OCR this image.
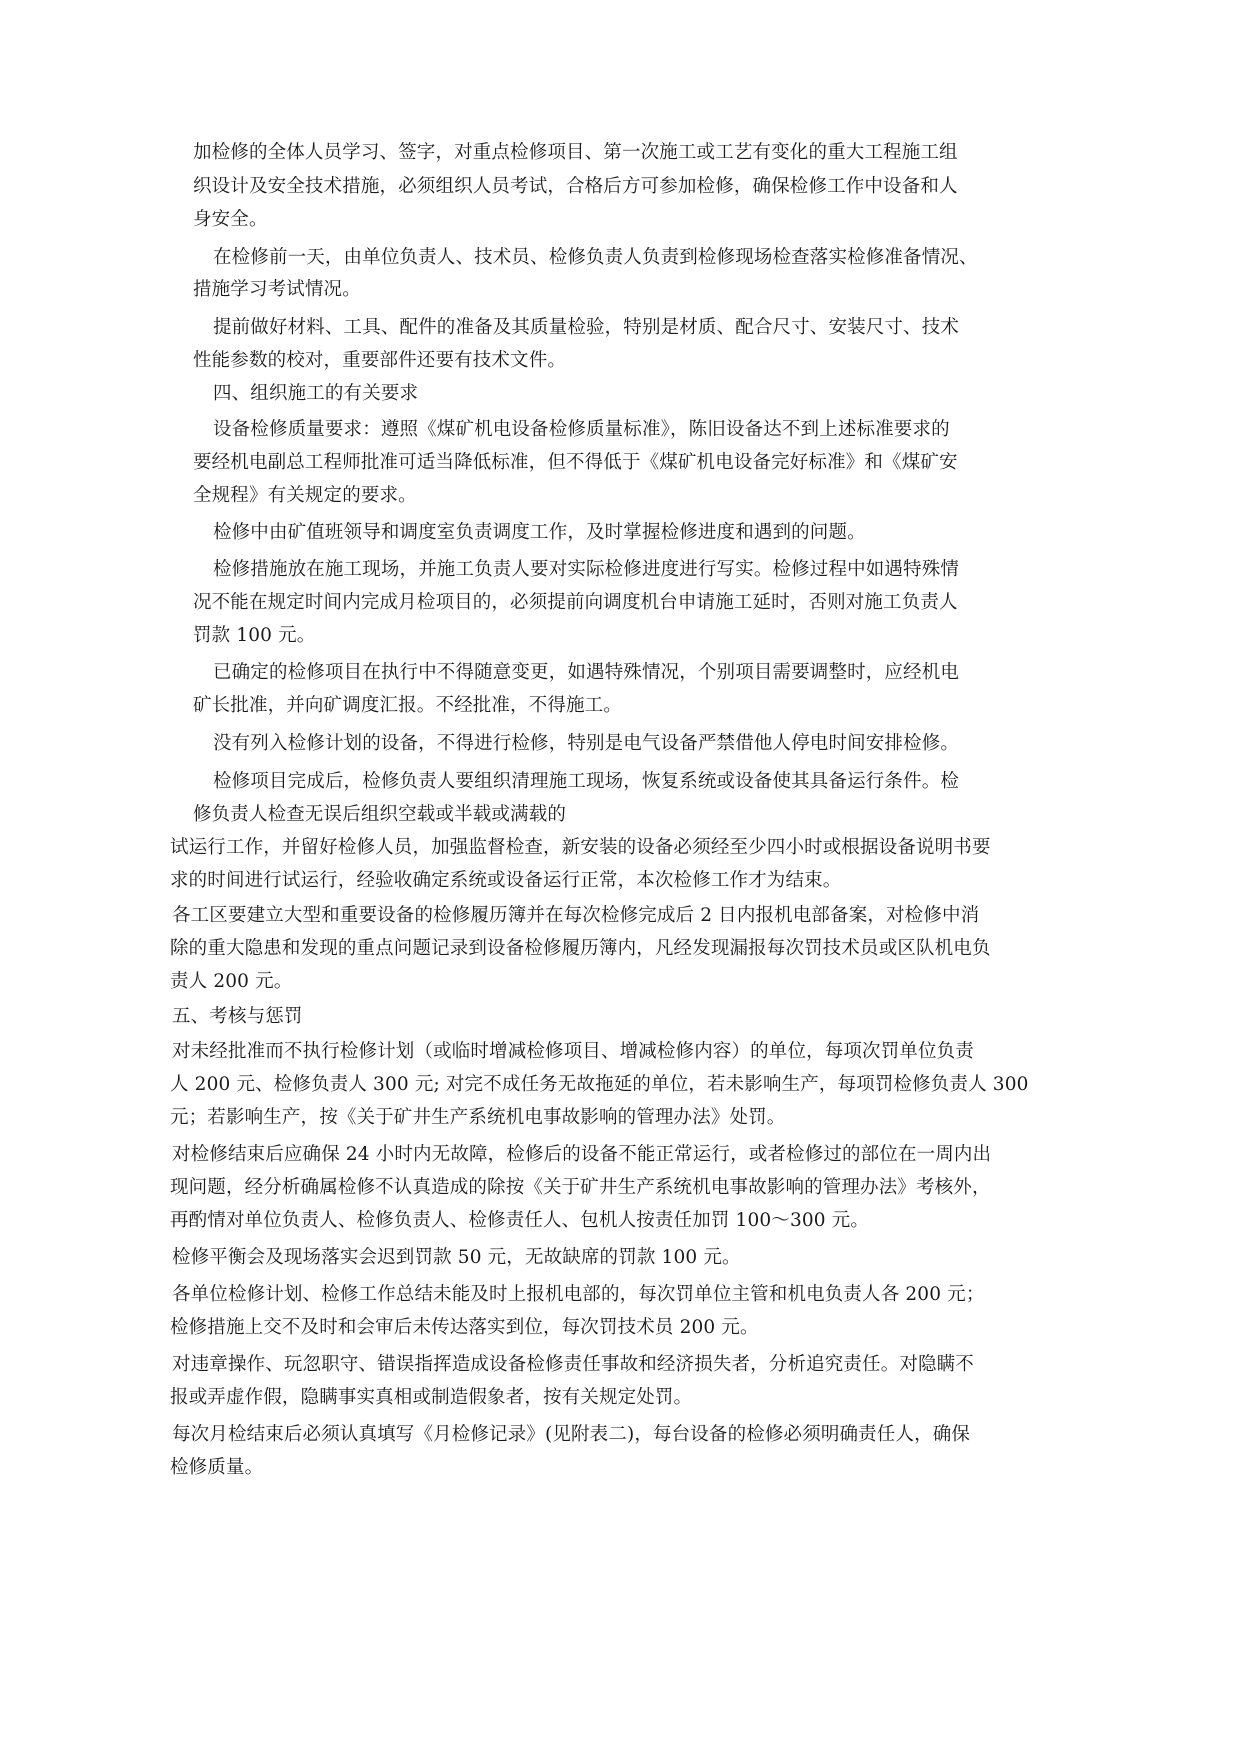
加检修的全体人员学习、签字，对重点检修项目、第一次施工或工艺有变化的重大工程施工组
织设计及安全技术措施，必须组织人员考试，合格后方可参加检修，确保检修工作中设备和人
身安全。
在检修前一天，由单位负责人、技术员、检修负责人负责到检修现场检查落实检修准备情况、
措施学习考试情况。
提前做好材料、工具、配件的准备及其质量检验，特别是材质、配合尺寸、安装尺寸、技术
性能参数的校对，重要部件还要有技术文件。
四、组织施工的有关要求
设备检修质量要求：遵照《煤矿机电设备检修质量标准》，陈旧设备达不到上述标准要求的
要经机电副总工程师批准可适当降低标准，但不得低于《煤矿机电设备完好标准》和《煤矿安
全规程》有关规定的要求。
检修中由矿值班领导和调度室负责调度工作，及时掌握检修进度和遇到的问题。
检修措施放在施工现场，并施工负责人要对实际检修进度进行写实。检修过程中如遇特殊情
况不能在规定时间内完成月检项目的，必须提前向调度机台申请施工延时，否则对施工负责人
罚款 100 元。
已确定的检修项目在执行中不得随意变更，如遇特殊情况，个别项目需要调整时，应经机电
矿长批准，并向矿调度汇报。不经批准，不得施工。
没有列入检修计划的设备，不得进行检修，特别是电气设备严禁借他人停电时间安排检修。
检修项目完成后，检修负责人要组织清理施工现场，恢复系统或设备使其具备运行条件。检
修负责人检查无误后组织空载或半载或满载的
试运行工作，并留好检修人员，加强监督检查，新安装的设备必须经至少四小时或根据设备说明书要
求的时间进行试运行，经验收确定系统或设备运行正常，本次检修工作才为结束。
各工区要建立大型和重要设备的检修履历簿并在每次检修完成后 2 日内报机电部备案，对检修中消
除的重大隐患和发现的重点问题记录到设备检修履历簿内，凡经发现漏报每次罚技术员或区队机电负
责人 200 元。
五、考核与惩罚
对未经批准而不执行检修计划（或临时增减检修项目、增减检修内容）的单位，每项次罚单位负责
人 200 元、检修负责人 300 元; 对完不成任务无故拖延的单位，若未影响生产，每项罚检修负责人 300
元；若影响生产，按《关于矿井生产系统机电事故影响的管理办法》处罚。
对检修结束后应确保 24 小时内无故障，检修后的设备不能正常运行，或者检修过的部位在一周内出
现问题，经分析确属检修不认真造成的除按《关于矿井生产系统机电事故影响的管理办法》考核外，
再酌情对单位负责人、检修负责人、检修责任人、包机人按责任加罚 100～300 元。
检修平衡会及现场落实会迟到罚款 50 元，无故缺席的罚款 100 元。
各单位检修计划、检修工作总结未能及时上报机电部的，每次罚单位主管和机电负责人各 200 元；
检修措施上交不及时和会审后未传达落实到位，每次罚技术员 200 元。
对违章操作、玩忽职守、错误指挥造成设备检修责任事故和经济损失者，分析追究责任。对隐瞒不
报或弄虚作假，隐瞒事实真相或制造假象者，按有关规定处罚。
每次月检结束后必须认真填写《月检修记录》(见附表二)，每台设备的检修必须明确责任人，确保
检修质量。
